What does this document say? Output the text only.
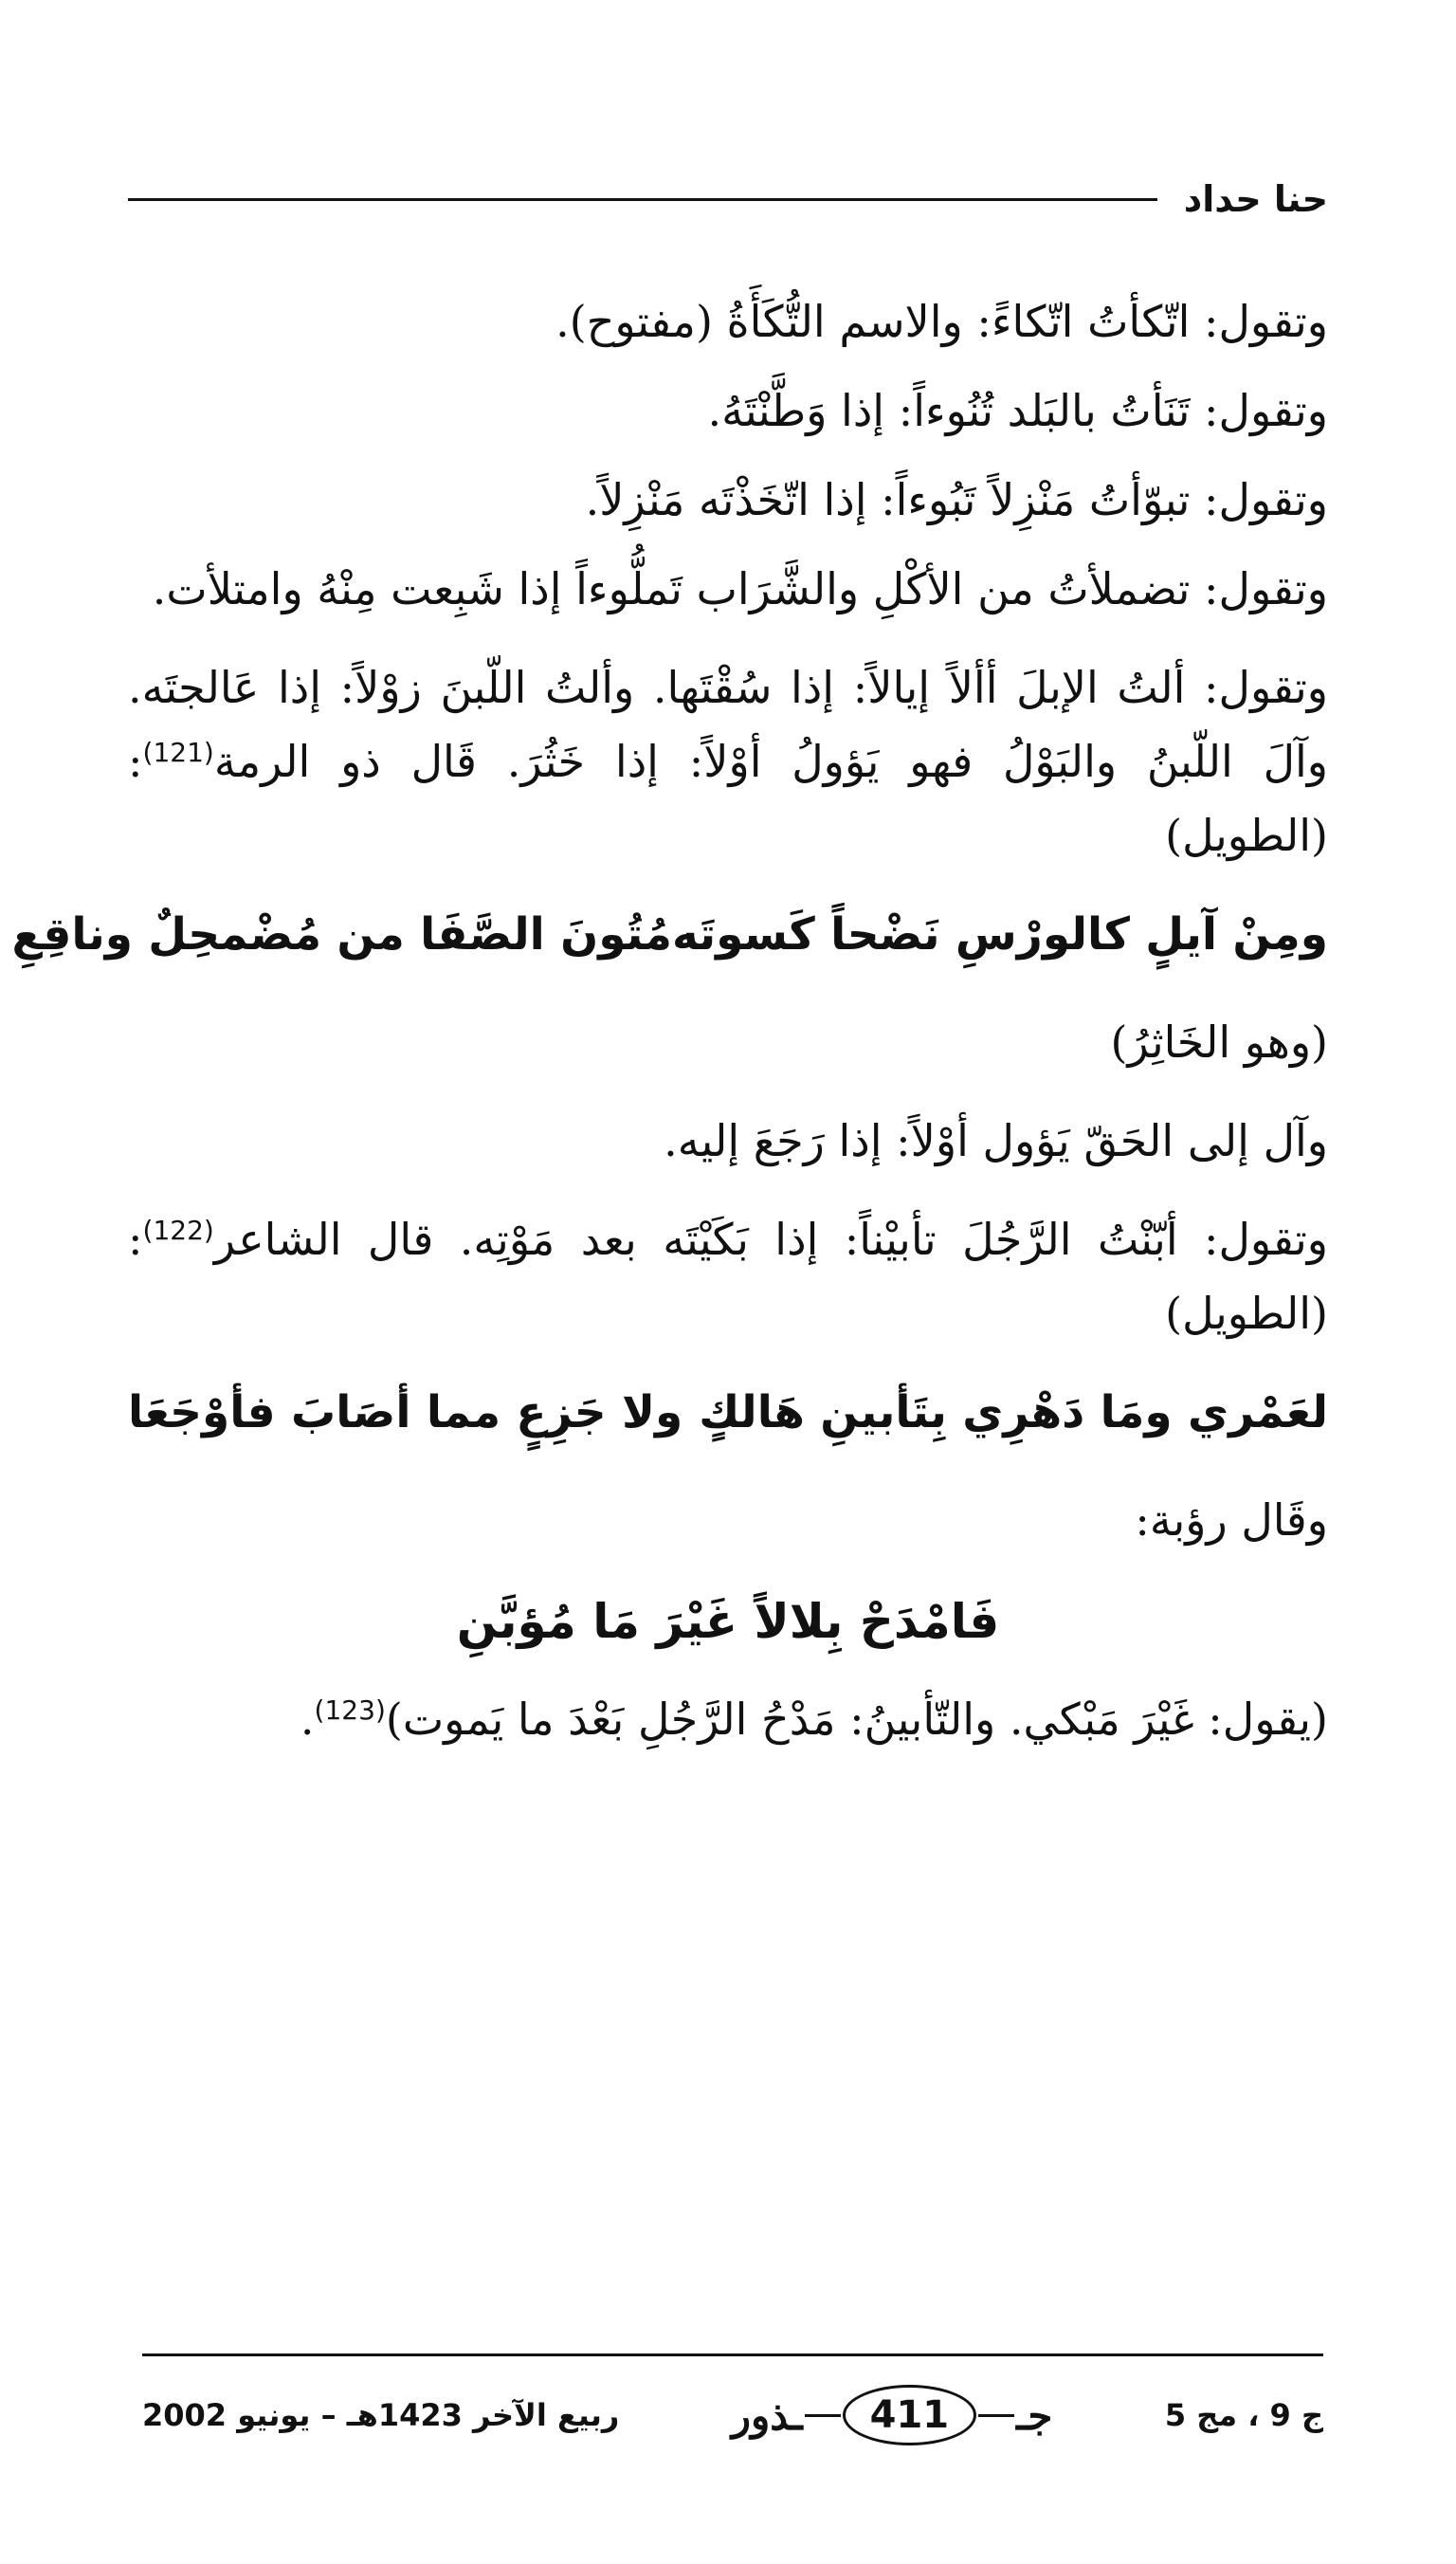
حنا حداد

وتقول: اتّكأتُ اتّكاءً: والاسم التُّكَأَةُ (مفتوح).

وتقول: تَنَأتُ بالبَلد تُنُوءاً: إذا وَطَّنْتَهُ.

وتقول: تبوّأتُ مَنْزِلاً تَبُوءاً: إذا اتّخَذْتَه مَنْزِلاً.

وتقول: تضملأتُ من الأكْلِ والشَّرَاب تَملُّوءاً إذا شَبِعت مِنْهُ وامتلأت.

وتقول: ألتُ الإبلَ أألاً إيالاً: إذا سُقْتَها. وألتُ اللّبنَ زوْلاً: إذا عَالجتَه. وآلَ اللّبنُ والبَوْلُ فهو يَؤولُ أوْلاً: إذا خَثُرَ. قَال ذو الرمة$^{(121)}$: (الطويل)

ومِنْ آيلٍ كالورْسِ نَضْحاً كَسوتَه
مُتُونَ الصَّفَا من مُضْمحِلٌ وناقِعِ

(وهو الخَاثِرُ)

وآل إلى الحَقّ يَؤول أوْلاً: إذا رَجَعَ إليه.

وتقول: أبّنْتُ الرَّجُلَ تأبيْناً: إذا بَكَيْتَه بعد مَوْتِه. قال الشاعر$^{(122)}$: (الطويل)

لعَمْري ومَا دَهْرِي بِتَأبينِ هَالكٍ
ولا جَزِعٍ مما أصَابَ فأوْجَعَا

وقَال رؤبة:

فَامْدَحْ بِلالاً غَيْرَ مَا مُؤبَّنِ

(يقول: غَيْرَ مَبْكي. والتّأبينُ: مَدْحُ الرَّجُلِ بَعْدَ ما يَموت)$^{(123)}$.

ج 9 ، مج 5
جـ
411
ـذور
ربيع الآخر 1423هـ – يونيو 2002
